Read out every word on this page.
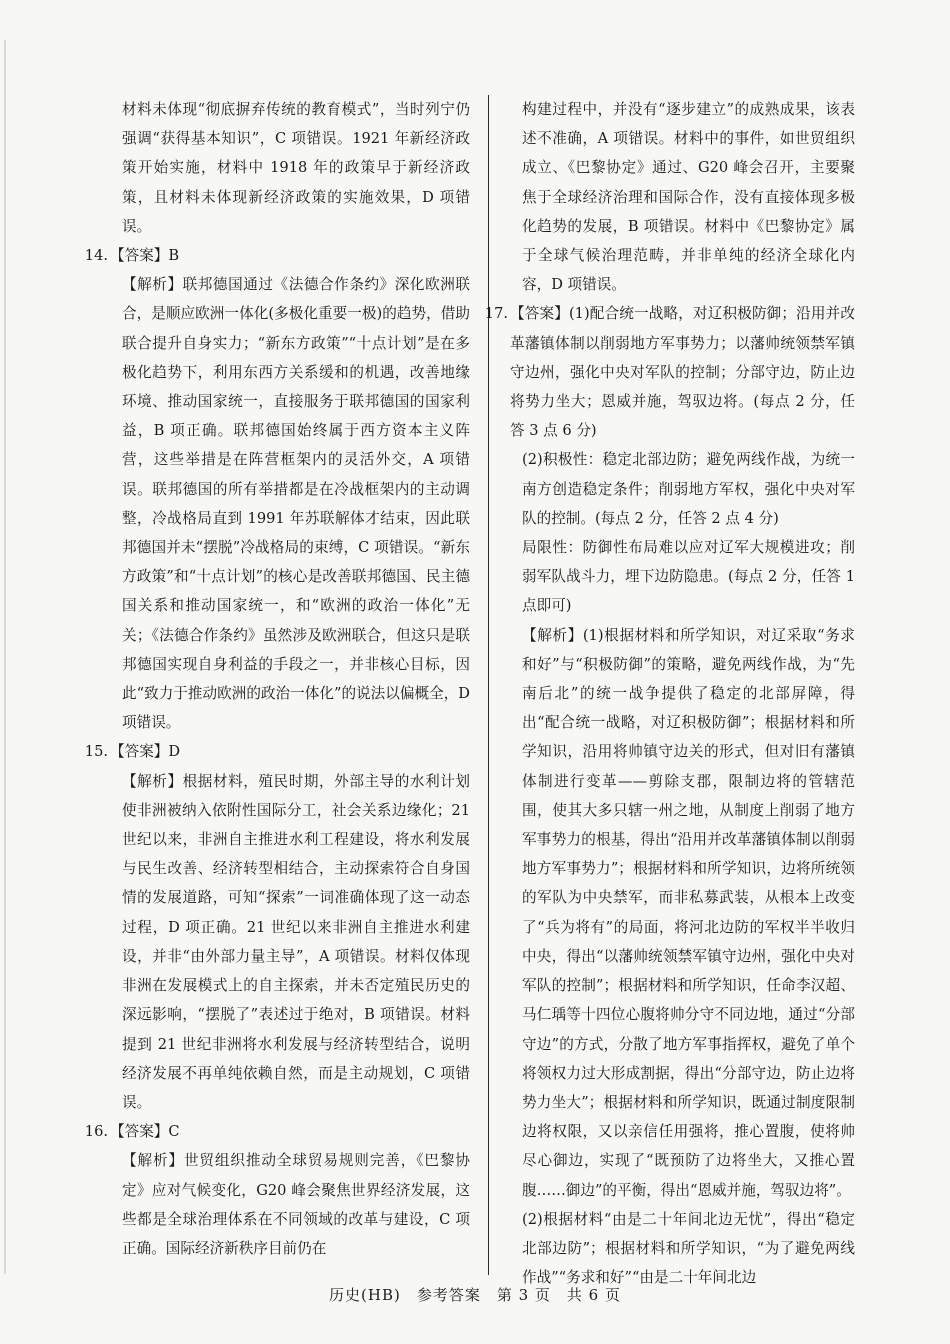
材料未体现“彻底摒弃传统的教育模式”，当时列宁仍强调“获得基本知识”，C 项错误。1921 年新经济政策开始实施，材料中 1918 年的政策早于新经济政策，且材料未体现新经济政策的实施效果，D 项错误。

14. 【答案】B

【解析】联邦德国通过《法德合作条约》深化欧洲联合，是顺应欧洲一体化(多极化重要一极)的趋势，借助联合提升自身实力；“新东方政策”“十点计划”是在多极化趋势下，利用东西方关系缓和的机遇，改善地缘环境、推动国家统一，直接服务于联邦德国的国家利益，B 项正确。联邦德国始终属于西方资本主义阵营，这些举措是在阵营框架内的灵活外交，A 项错误。联邦德国的所有举措都是在冷战框架内的主动调整，冷战格局直到 1991 年苏联解体才结束，因此联邦德国并未“摆脱”冷战格局的束缚，C 项错误。“新东方政策”和“十点计划”的核心是改善联邦德国、民主德国关系和推动国家统一，和“欧洲的政治一体化”无关；《法德合作条约》虽然涉及欧洲联合，但这只是联邦德国实现自身利益的手段之一，并非核心目标，因此“致力于推动欧洲的政治一体化”的说法以偏概全，D 项错误。

15. 【答案】D

【解析】根据材料，殖民时期，外部主导的水利计划使非洲被纳入依附性国际分工，社会关系边缘化；21 世纪以来，非洲自主推进水利工程建设，将水利发展与民生改善、经济转型相结合，主动探索符合自身国情的发展道路，可知“探索”一词准确体现了这一动态过程，D 项正确。21 世纪以来非洲自主推进水利建设，并非“由外部力量主导”，A 项错误。材料仅体现非洲在发展模式上的自主探索，并未否定殖民历史的深远影响，“摆脱了”表述过于绝对，B 项错误。材料提到 21 世纪非洲将水利发展与经济转型结合，说明经济发展不再单纯依赖自然，而是主动规划，C 项错误。

16. 【答案】C

【解析】世贸组织推动全球贸易规则完善，《巴黎协定》应对气候变化，G20 峰会聚焦世界经济发展，这些都是全球治理体系在不同领域的改革与建设，C 项正确。国际经济新秩序目前仍在

构建过程中，并没有“逐步建立”的成熟成果，该表述不准确，A 项错误。材料中的事件，如世贸组织成立、《巴黎协定》通过、G20 峰会召开，主要聚焦于全球经济治理和国际合作，没有直接体现多极化趋势的发展，B 项错误。材料中《巴黎协定》属于全球气候治理范畴，并非单纯的经济全球化内容，D 项错误。

17. 【答案】(1)配合统一战略，对辽积极防御；沿用并改革藩镇体制以削弱地方军事势力；以藩帅统领禁军镇守边州，强化中央对军队的控制；分部守边，防止边将势力坐大；恩威并施，驾驭边将。(每点 2 分，任答 3 点 6 分)

(2)积极性：稳定北部边防；避免两线作战，为统一南方创造稳定条件；削弱地方军权，强化中央对军队的控制。(每点 2 分，任答 2 点 4 分)

局限性：防御性布局难以应对辽军大规模进攻；削弱军队战斗力，埋下边防隐患。(每点 2 分，任答 1 点即可)

【解析】(1)根据材料和所学知识，对辽采取“务求和好”与“积极防御”的策略，避免两线作战，为“先南后北”的统一战争提供了稳定的北部屏障，得出“配合统一战略，对辽积极防御”；根据材料和所学知识，沿用将帅镇守边关的形式，但对旧有藩镇体制进行变革——剪除支郡，限制边将的管辖范围，使其大多只辖一州之地，从制度上削弱了地方军事势力的根基，得出“沿用并改革藩镇体制以削弱地方军事势力”；根据材料和所学知识，边将所统领的军队为中央禁军，而非私募武装，从根本上改变了“兵为将有”的局面，将河北边防的军权半半收归中央，得出“以藩帅统领禁军镇守边州，强化中央对军队的控制”；根据材料和所学知识，任命李汉超、马仁瑀等十四位心腹将帅分守不同边地，通过“分部守边”的方式，分散了地方军事指挥权，避免了单个将领权力过大形成割据，得出“分部守边，防止边将势力坐大”；根据材料和所学知识，既通过制度限制边将权限，又以亲信任用强将，推心置腹，使将帅尽心御边，实现了“既预防了边将坐大，又推心置腹……御边”的平衡，得出“恩威并施，驾驭边将”。

(2)根据材料“由是二十年间北边无忧”，得出“稳定北部边防”；根据材料和所学知识，“为了避免两线作战”“务求和好”“由是二十年间北边

历史(HB)　参考答案　第 3 页　共 6 页
